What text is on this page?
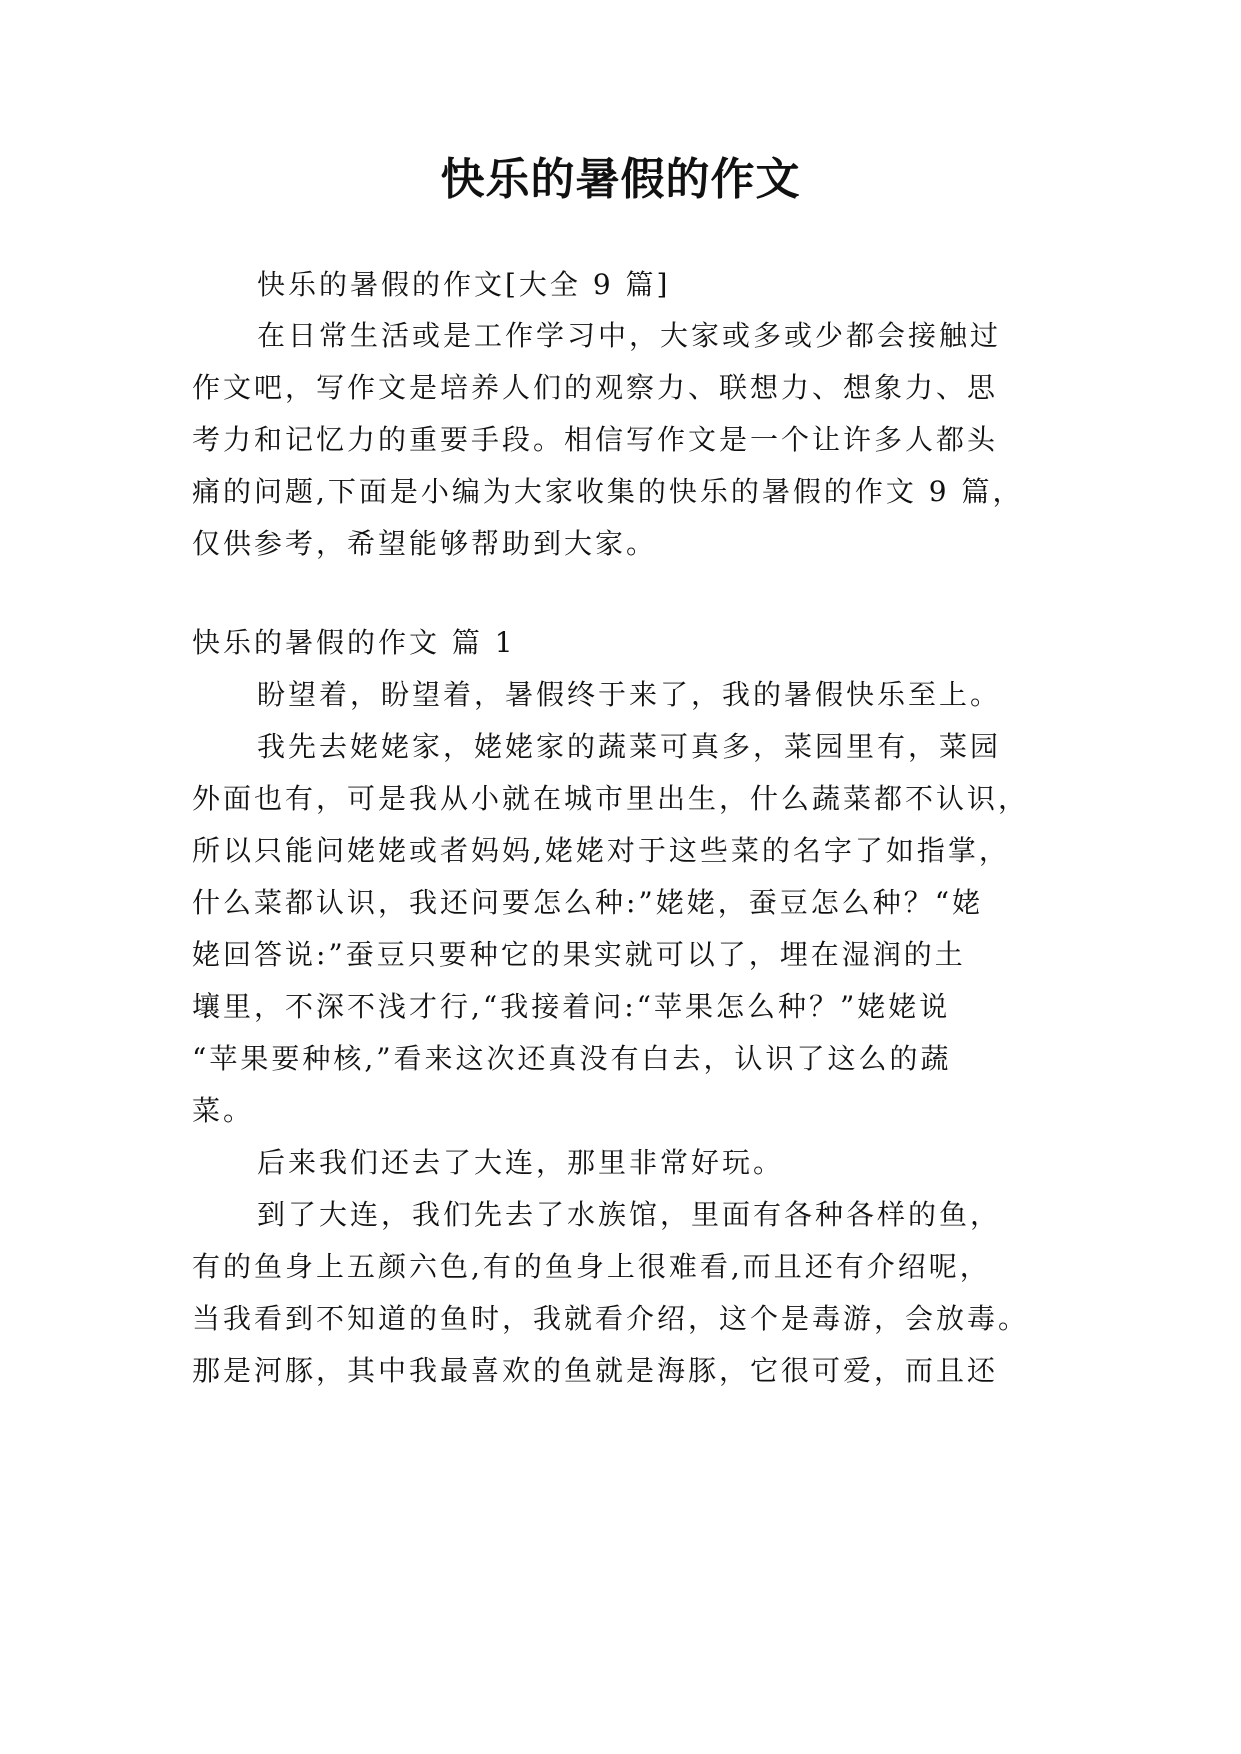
快乐的暑假的作文

快乐的暑假的作文[大全 9 篇]

在日常生活或是工作学习中，大家或多或少都会接触过

作文吧，写作文是培养人们的观察力、联想力、想象力、思

考力和记忆力的重要手段。相信写作文是一个让许多人都头

痛的问题,下面是小编为大家收集的快乐的暑假的作文 9 篇，

仅供参考，希望能够帮助到大家。

快乐的暑假的作文 篇 1

盼望着，盼望着，暑假终于来了，我的暑假快乐至上。

我先去姥姥家，姥姥家的蔬菜可真多，菜园里有，菜园

外面也有，可是我从小就在城市里出生，什么蔬菜都不认识，

所以只能问姥姥或者妈妈,姥姥对于这些菜的名字了如指掌，

什么菜都认识，我还问要怎么种:”姥姥，蚕豆怎么种？“姥

姥回答说:”蚕豆只要种它的果实就可以了，埋在湿润的土

壤里，不深不浅才行,“我接着问:“苹果怎么种？”姥姥说

“苹果要种核,”看来这次还真没有白去，认识了这么的蔬

菜。

后来我们还去了大连，那里非常好玩。

到了大连，我们先去了水族馆，里面有各种各样的鱼，

有的鱼身上五颜六色,有的鱼身上很难看,而且还有介绍呢，

当我看到不知道的鱼时，我就看介绍，这个是毒游，会放毒。

那是河豚，其中我最喜欢的鱼就是海豚，它很可爱，而且还
